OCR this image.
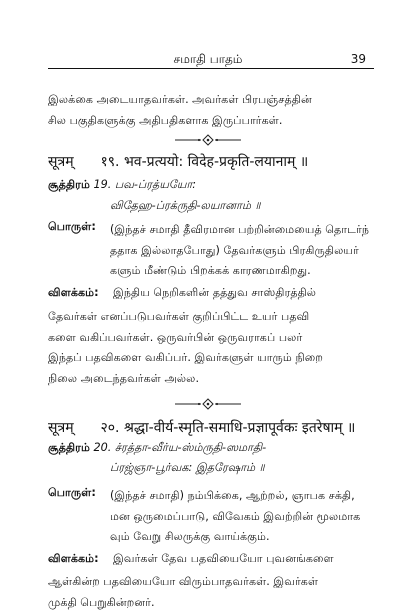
சமாதி பாதம்	39
இலக்கை அடையாதவர்கள். அவர்கள் பிரபஞ்சத்தின்
சில பகுதிகளுக்கு அதிபதிகளாக இருப்பார்கள்.
सूत्रम् १९. भव-प्रत्ययो: विदेह-प्रकृति-लयानाम् ॥
சூத்திரம் 19. பவ-ப்ரத்யயோ:
விதேஹ-ப்ரக்ருதி-லயானாம் ॥
பொருள்: (இந்தச் சமாதி தீவிரமான பற்றின்மையைத் தொடர்ந்
ததாக இல்லாதபோது) தேவர்களும் பிரகிருதிலயர்
களும் மீண்டும் பிறக்கக் காரணமாகிறது.
விளக்கம்: இந்திய நெறிகளின் தத்துவ சாஸ்திரத்தில்
தேவர்கள் எனப்படுபவர்கள் குறிப்பிட்ட உயர் பதவி
களை வகிப்பவர்கள். ஒருவர்பின் ஒருவராகப் பலர்
இந்தப் பதவிகளை வகிப்பர். இவர்களுள் யாரும் நிறை
நிலை அடைந்தவர்கள் அல்ல.
सूत्रम् २०. श्रद्धा-वीर्य-स्मृति-समाधि-प्रज्ञापूर्वकः इतरेषाम् ॥
சூத்திரம் 20. ச்ரத்தா-வீர்ய-ஸ்ம்ருதி-ஸமாதி-
ப்ரஜ்ஞா-பூர்வக: இதரேஷாம் ॥
பொருள்: (இந்தச் சமாதி) நம்பிக்கை, ஆற்றல், ஞாபக சக்தி,
மன ஒருமைப்பாடு, விவேகம் இவற்றின் மூலமாக
வும் வேறு சிலருக்கு வாய்க்கும்.
விளக்கம்: இவர்கள் தேவ பதவியையோ புவனங்களை
ஆள்கின்ற பதவியையோ விரும்பாதவர்கள். இவர்கள்
முக்தி பெறுகின்றனர்.
